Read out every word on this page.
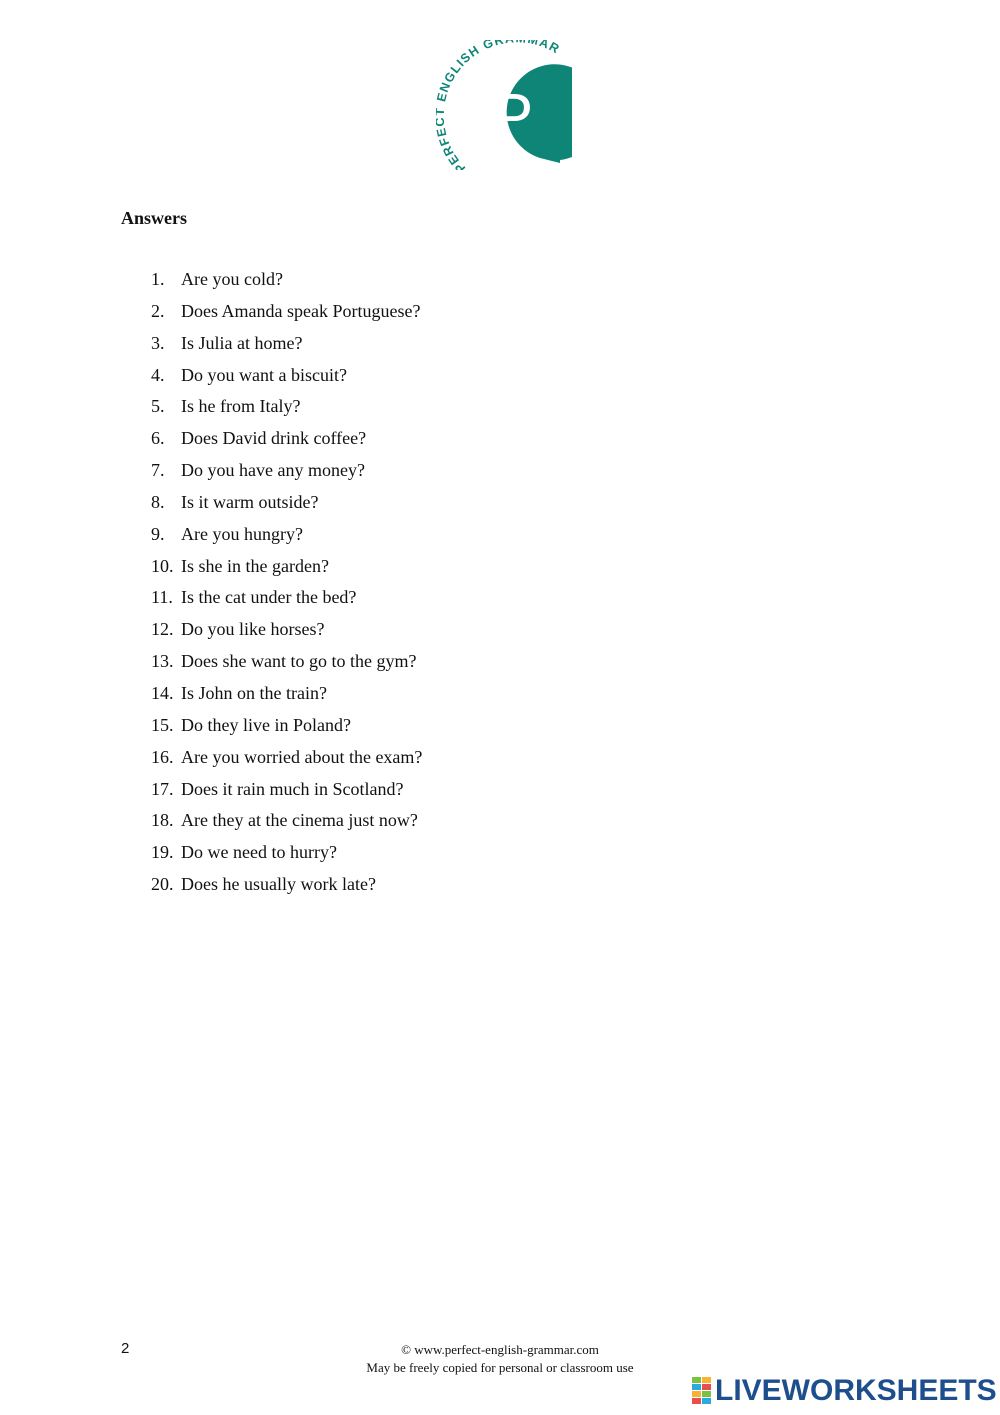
PERF NGLISH GR MAR
P
Answers
1. Are you cold?
2. Does Amanda speak Portuguese?
3. Is Julia at home?
4. Do you want a biscuit?
5. Is he from Italy?
6. Does David drink coffee?
7. Do you have any money?
8. Is it warm outside?
9. Are you hungry?
10. Is she in the garden?
11. Is the cat under the bed?
12. Do you like horses?
13. Does she want to go to the gym?
14. Is John on the train?
15. Do they live in Poland?
16. Are you worried about the exam?
17. Does it rain much in Scotland?
18. Are they at the cinema just now?
19. Do we need to hurry?
20. Does he usually work late?
2	© www.perfect-english-grammar.com
May be freely copied for personal or classroom use
LIVEWORKSHEETS
